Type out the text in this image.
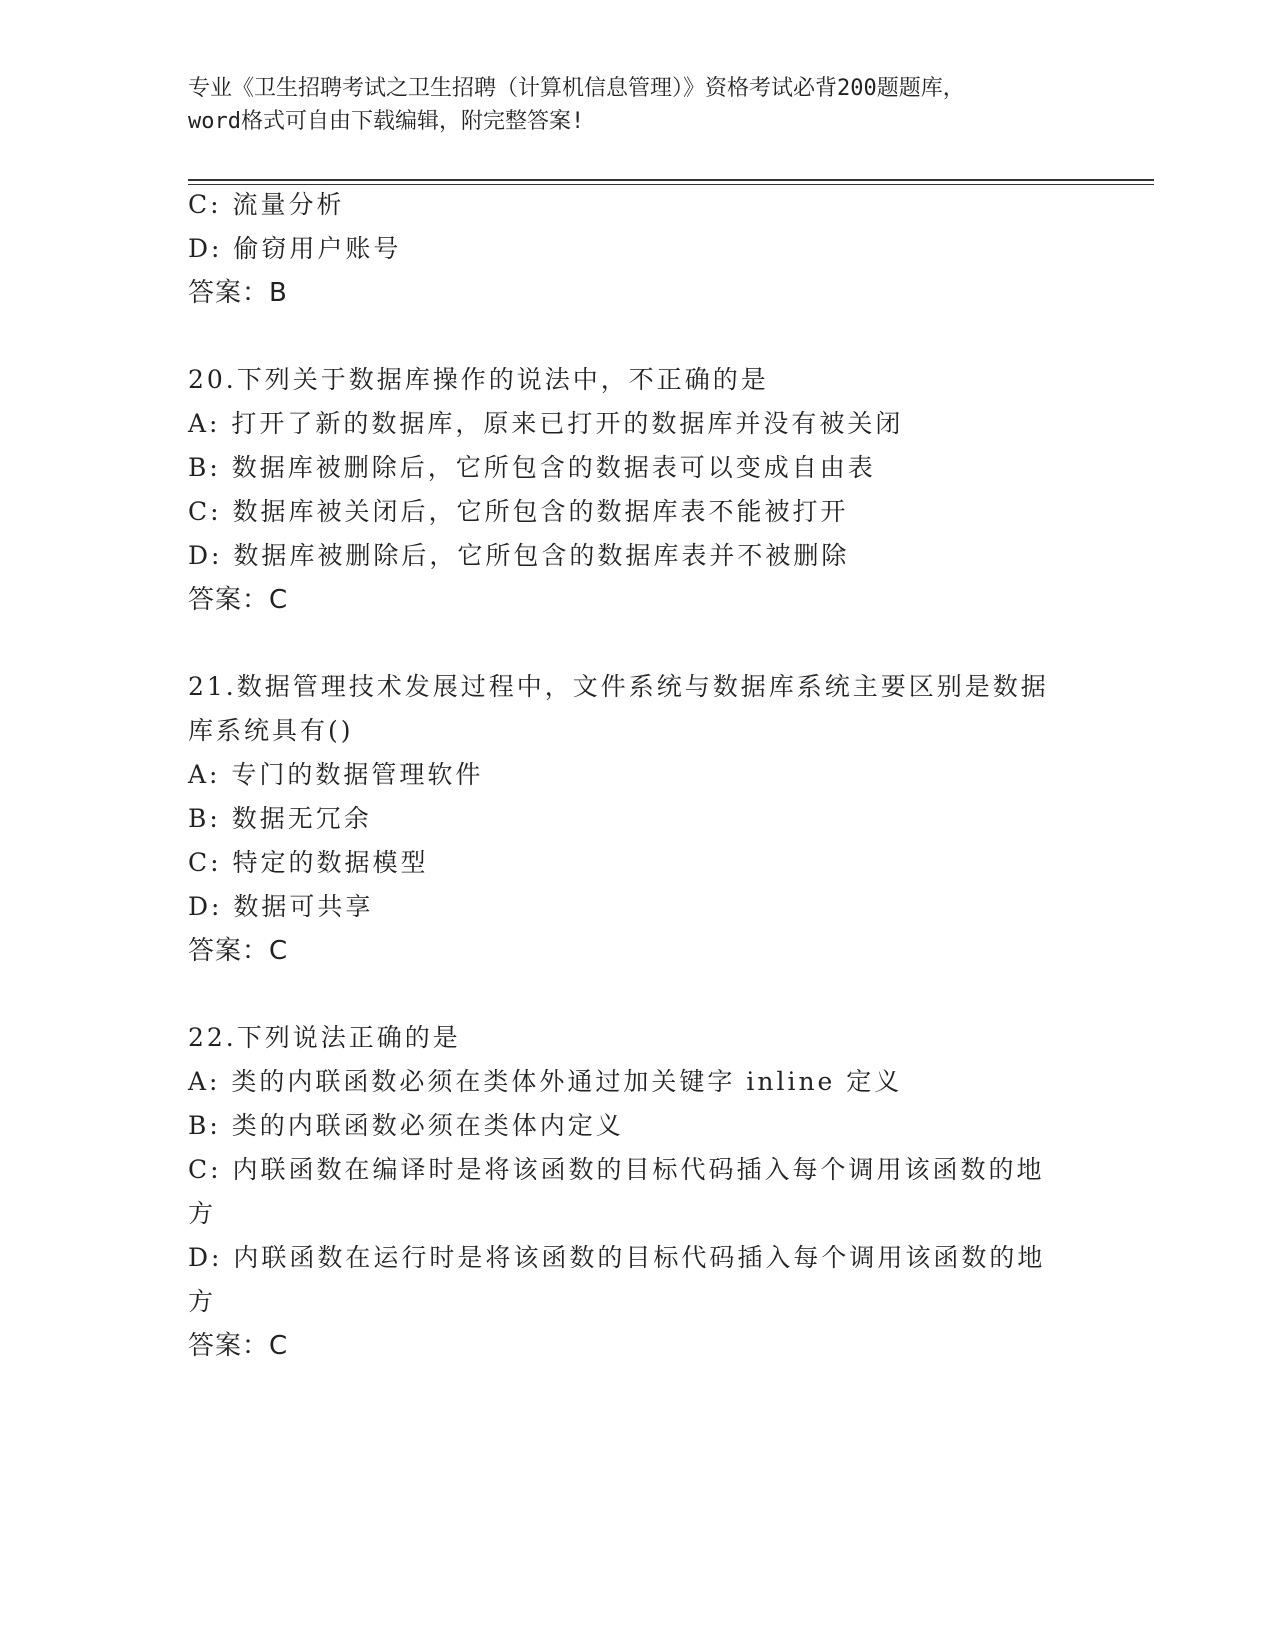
专业《卫生招聘考试之卫生招聘（计算机信息管理）》资格考试必背200题题库，
word格式可自由下载编辑，附完整答案!
C: 流量分析
D: 偷窃用户账号
答案：B
20.下列关于数据库操作的说法中，不正确的是
A: 打开了新的数据库，原来已打开的数据库并没有被关闭
B: 数据库被删除后，它所包含的数据表可以变成自由表
C: 数据库被关闭后，它所包含的数据库表不能被打开
D: 数据库被删除后，它所包含的数据库表并不被删除
答案：C
21.数据管理技术发展过程中，文件系统与数据库系统主要区别是数据
库系统具有()
A: 专门的数据管理软件
B: 数据无冗余
C: 特定的数据模型
D: 数据可共享
答案：C
22.下列说法正确的是
A: 类的内联函数必须在类体外通过加关键字 inline 定义
B: 类的内联函数必须在类体内定义
C: 内联函数在编译时是将该函数的目标代码插入每个调用该函数的地
方
D: 内联函数在运行时是将该函数的目标代码插入每个调用该函数的地
方
答案：C
